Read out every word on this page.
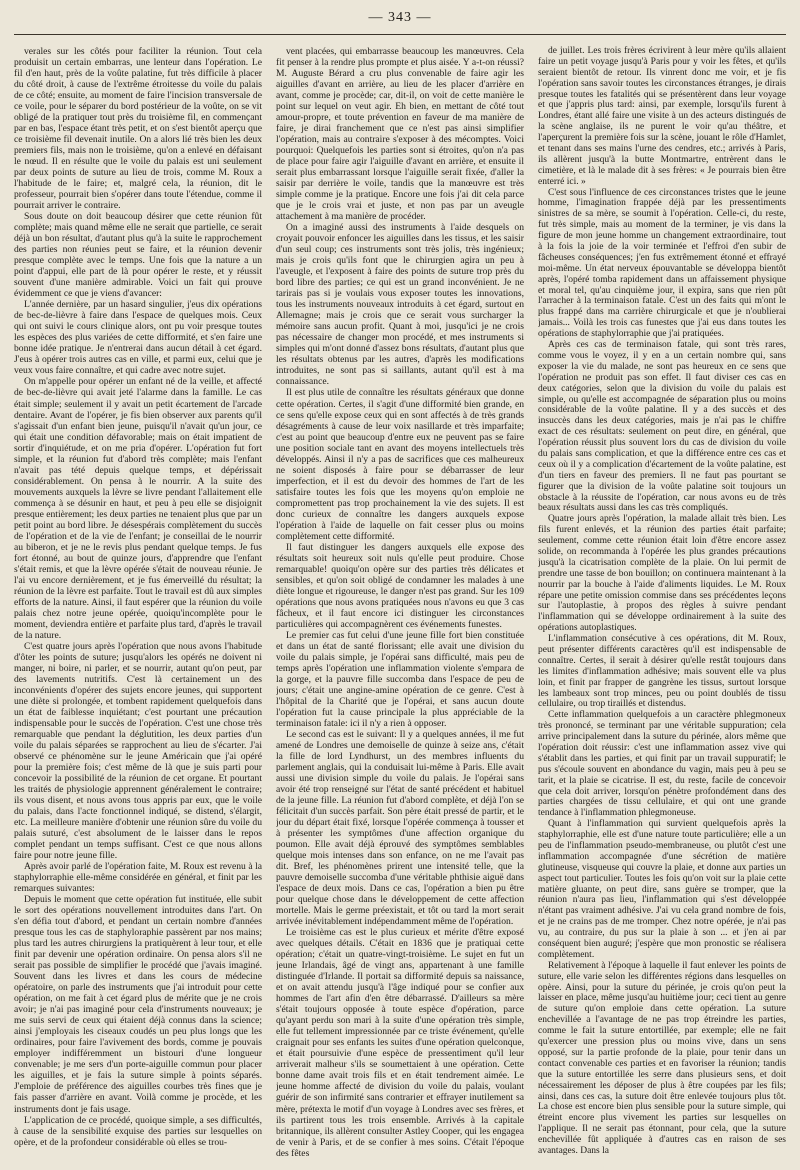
— 343 —

verales sur les côtés pour faciliter la réunion. Tout cela produisit un certain embarras, une lenteur dans l'opération. Le fil d'en haut, près de la voûte palatine, fut très difficile à placer du côté droit, à cause de l'extrême étroitesse du voile du palais de ce côté; ensuite, au moment de faire l'incision transversale de ce voile, pour le séparer du bord postérieur de la voûte, on se vit obligé de la pratiquer tout près du troisième fil, en commençant par en bas, l'espace étant très petit, et on s'est bientôt aperçu que ce troisième fil devenait inutile. On a alors lié très bien les deux premiers fils, mais non le troisième, qu'on a enlevé en défaisant le nœud. Il en résulte que le voile du palais est uni seulement par deux points de suture au lieu de trois, comme M. Roux a l'habitude de le faire; et, malgré cela, la réunion, dit le professeur, pourrait bien s'opérer dans toute l'étendue, comme il pourrait arriver le contraire.

Sous doute on doit beaucoup désirer que cette réunion fût complète; mais quand même elle ne serait que partielle, ce serait déjà un bon résultat, d'autant plus qu'à la suite le rapprochement des parties non réunies peut se faire, et la réunion devenir presque complète avec le temps. Une fois que la nature a un point d'appui, elle part de là pour opérer le reste, et y réussit souvent d'une manière admirable. Voici un fait qui prouve évidemment ce que je viens d'avancer:

L'année dernière, par un hasard singulier, j'eus dix opérations de bec-de-lièvre à faire dans l'espace de quelques mois. Ceux qui ont suivi le cours clinique alors, ont pu voir presque toutes les espèces des plus variées de cette difformité, et s'en faire une bonne idée pratique. Je n'entrerai dans aucun détail à cet égard. J'eus à opérer trois autres cas en ville, et parmi eux, celui que je veux vous faire connaître, et qui cadre avec notre sujet.

On m'appelle pour opérer un enfant né de la veille, et affecté de bec-de-lièvre qui avait jeté l'alarme dans la famille. Le cas était simple; seulement il y avait un petit écartement de l'arcade dentaire. Avant de l'opérer, je fis bien observer aux parents qu'il s'agissait d'un enfant bien jeune, puisqu'il n'avait qu'un jour, ce qui était une condition défavorable; mais on était impatient de sortir d'inquiétude, et on me pria d'opérer. L'opération fut fort simple, et la réunion fut d'abord très complète; mais l'enfant n'avait pas tété depuis quelque temps, et dépérissait considérablement. On pensa à le nourrir. A la suite des mouvements auxquels la lèvre se livre pendant l'allaitement elle commença à se désunir en haut, et peu à peu elle se disjoignit presque entièrement; les deux parties ne tenaient plus que par un petit point au bord libre. Je désespérais complètement du succès de l'opération et de la vie de l'enfant; je conseillai de le nourrir au biberon, et je ne le revis plus pendant quelque temps. Je fus fort étonné, au bout de quinze jours, d'apprendre que l'enfant s'était remis, et que la lèvre opérée s'était de nouveau réunie. Je l'ai vu encore dernièrement, et je fus émerveillé du résultat; la réunion de la lèvre est parfaite. Tout le travail est dû aux simples efforts de la nature. Ainsi, il faut espérer que la réunion du voile palais chez notre jeune opérée, quoiqu'incomplète pour le moment, deviendra entière et parfaite plus tard, d'après le travail de la nature.

C'est quatre jours après l'opération que nous avons l'habitude d'ôter les points de suture; jusqu'alors les opérés ne doivent ni manger, ni boire, ni parler, et se nourrir, autant qu'on peut, par des lavements nutritifs. C'est là certainement un des inconvénients d'opérer des sujets encore jeunes, qui supportent une diète si prolongée, et tombent rapidement quelquefois dans un état de faiblesse inquiétant; c'est pourtant une précaution indispensable pour le succès de l'opération. C'est une chose très remarquable que pendant la déglutition, les deux parties d'un voile du palais séparées se rapprochent au lieu de s'écarter. J'ai observé ce phénomène sur le jeune Américain que j'ai opéré pour la première fois; c'est même de là que je suis parti pour concevoir la possibilité de la réunion de cet organe. Et pourtant les traités de physiologie apprennent généralement le contraire; ils vous disent, et nous avons tous appris par eux, que le voile du palais, dans l'acte fonctionnel indiqué, se distend, s'élargit, etc. La meilleure manière d'obtenir une réunion sûre du voile du palais suturé, c'est absolument de le laisser dans le repos complet pendant un temps suffisant. C'est ce que nous allons faire pour notre jeune fille.

Après avoir parlé de l'opération faite, M. Roux est revenu à la staphylorraphie elle-même considérée en général, et finit par les remarques suivantes:

Depuis le moment que cette opération fut instituée, elle subit le sort des opérations nouvellement introduites dans l'art. On s'en défia tout d'abord, et pendant un certain nombre d'années presque tous les cas de staphyloraphie passèrent par nos mains; plus tard les autres chirurgiens la pratiquèrent à leur tour, et elle finit par devenir une opération ordinaire. On pensa alors s'il ne serait pas possible de simplifier le procédé que j'avais imaginé. Souvent dans les livres et dans les cours de médecine opératoire, on parle des instruments que j'ai introduit pour cette opération, on me fait à cet égard plus de mérite que je ne crois avoir; je n'ai pas imaginé pour cela d'instruments nouveaux; je me suis servi de ceux qui étaient déjà connus dans la science; ainsi j'employais les ciseaux coudés un peu plus longs que les ordinaires, pour faire l'avivement des bords, comme je pouvais employer indifféremment un bistouri d'une longueur convenable; je me sers d'un porte-aiguille commun pour placer les aiguilles, et je fais la suture simple à points séparés. J'emploie de préférence des aiguilles courbes très fines que je fais passer d'arrière en avant. Voilà comme je procède, et les instruments dont je fais usage.

L'application de ce procédé, quoique simple, a ses difficultés, à cause de la sensibilité exquise des parties sur lesquelles on opère, et de la profondeur considérable où elles se trou-

vent placées, qui embarrasse beaucoup les manœuvres. Cela fit penser à la rendre plus prompte et plus aisée. Y a-t-on réussi? M. Auguste Bérard a cru plus convenable de faire agir les aiguilles d'avant en arrière, au lieu de les placer d'arrière en avant, comme je procède; car, dit-il, on voit de cette manière le point sur lequel on veut agir. Eh bien, en mettant de côté tout amour-propre, et toute prévention en faveur de ma manière de faire, je dirai franchement que ce n'est pas ainsi simplifier l'opération, mais au contraire s'exposer à des mécomptes. Voici pourquoi: Quelquefois les parties sont si étroites, qu'on n'a pas de place pour faire agir l'aiguille d'avant en arrière, et ensuite il serait plus embarrassant lorsque l'aiguille serait fixée, d'aller la saisir par derrière le voile, tandis que la manœuvre est très simple comme je la pratique. Encore une fois j'ai dit cela parce que je le crois vrai et juste, et non pas par un aveugle attachement à ma manière de procéder.

On a imaginé aussi des instruments à l'aide desquels on croyait pouvoir enfoncer les aiguilles dans les tissus, et les saisir d'un seul coup; ces instruments sont très jolis, très ingénieux; mais je crois qu'ils font que le chirurgien agira un peu à l'aveugle, et l'exposent à faire des points de suture trop près du bord libre des parties; ce qui est un grand inconvénient. Je ne tarirais pas si je voulais vous exposer toutes les innovations, tous les instruments nouveaux introduits à cet égard, surtout en Allemagne; mais je crois que ce serait vous surcharger la mémoire sans aucun profit. Quant à moi, jusqu'ici je ne crois pas nécessaire de changer mon procédé, et mes instruments si simples qui m'ont donné d'assez bons résultats, d'autant plus que les résultats obtenus par les autres, d'après les modifications introduites, ne sont pas si saillants, autant qu'il est à ma connaissance.

Il est plus utile de connaître les résultats généraux que donne cette opération. Certes, il s'agit d'une difformité bien grande, en ce sens qu'elle expose ceux qui en sont affectés à de très grands désagréments à cause de leur voix nasillarde et très imparfaite; c'est au point que beaucoup d'entre eux ne peuvent pas se faire une position sociale tant en avant des moyens intellectuels très développés. Ainsi il n'y a pas de sacrifices que ces malheureux ne soient disposés à faire pour se débarrasser de leur imperfection, et il est du devoir des hommes de l'art de les satisfaire toutes les fois que les moyens qu'on emploie ne compromettent pas trop prochainement la vie des sujets. Il est donc curieux de connaître les dangers auxquels expose l'opération à l'aide de laquelle on fait cesser plus ou moins complètement cette difformité.

Il faut distinguer les dangers auxquels elle expose des résultats soit heureux soit nuls qu'elle peut produire. Chose remarquable! quoiqu'on opère sur des parties très délicates et sensibles, et qu'on soit obligé de condamner les malades à une diète longue et rigoureuse, le danger n'est pas grand. Sur les 109 opérations que nous avons pratiquées nous n'avons eu que 3 cas fâcheux, et il faut encore ici distinguer les circonstances particulières qui accompagnèrent ces événements funestes.

Le premier cas fut celui d'une jeune fille fort bien constituée et dans un état de santé florissant; elle avait une division du voile du palais simple, je l'opérai sans difficulté, mais peu de temps après l'opération une inflammation violente s'empara de la gorge, et la pauvre fille succomba dans l'espace de peu de jours; c'était une angine-amine opération de ce genre. C'est à l'hôpital de la Charité que je l'opérai, et sans aucun doute l'opération fut la cause principale la plus appréciable de la terminaison fatale: ici il n'y a rien à opposer.

Le second cas est le suivant: Il y a quelques années, il me fut amené de Londres une demoiselle de quinze à seize ans, c'était la fille de lord Lyndhurst, un des membres influents du parlement anglais, qui la conduisait lui-même à Paris. Elle avait aussi une division simple du voile du palais. Je l'opérai sans avoir été trop renseigné sur l'état de santé précédent et habituel de la jeune fille. La réunion fut d'abord complète, et déjà l'on se félicitait d'un succès parfait. Son père était pressé de partir, et le jour du départ était fixé, lorsque l'opérée commença à tousser et à présenter les symptômes d'une affection organique du poumon. Elle avait déjà éprouvé des symptômes semblables quelque mois intenses dans son enfance, on ne me l'avait pas dit. Bref, les phénomènes prirent une intensité telle, que la pauvre demoiselle succomba d'une véritable phthisie aiguë dans l'espace de deux mois. Dans ce cas, l'opération a bien pu être pour quelque chose dans le développement de cette affection mortelle. Mais le germe préexistait, et tôt ou tard la mort serait arrivée inévitablement indépendamment même de l'opération.

Le troisième cas est le plus curieux et mérite d'être exposé avec quelques détails. C'était en 1836 que je pratiquai cette opération; c'était un quatre-vingt-troisième. Le sujet en fut un jeune Irlandais, âgé de vingt ans, appartenant à une famille distinguée d'Irlande. Il portait sa difformité depuis sa naissance, et on avait attendu jusqu'à l'âge indiqué pour se confier aux hommes de l'art afin d'en être débarrassé. D'ailleurs sa mère s'était toujours opposée à toute espèce d'opération, parce qu'ayant perdu son mari à la suite d'une opération très simple, elle fut tellement impressionnée par ce triste événement, qu'elle craignait pour ses enfants les suites d'une opération quelconque, et était poursuivie d'une espèce de pressentiment qu'il leur arriverait malheur s'ils se soumettaient à une opération. Cette bonne dame avait trois fils et en était tendrement aimée. Le jeune homme affecté de division du voile du palais, voulant guérir de son infirmité sans contrarier et effrayer inutilement sa mère, prétexta le motif d'un voyage à Londres avec ses frères, et ils partirent tous les trois ensemble. Arrivés à la capitale britannique, ils allèrent consulter Astley Cooper, qui les engagea de venir à Paris, et de se confier à mes soins. C'était l'époque des fêtes

de juillet. Les trois frères écrivirent à leur mère qu'ils allaient faire un petit voyage jusqu'à Paris pour y voir les fêtes, et qu'ils seraient bientôt de retour. Ils vinrent donc me voir, et je fis l'opération sans savoir toutes les circonstances étranges, je dirais presque toutes les fatalités qui se présentèrent dans leur voyage et que j'appris plus tard: ainsi, par exemple, lorsqu'ils furent à Londres, étant allé faire une visite à un des acteurs distingués de la scène anglaise, ils ne purent le voir qu'au théâtre, et l'aperçurent la première fois sur la scène, jouant le rôle d'Hamlet, et tenant dans ses mains l'urne des cendres, etc.; arrivés à Paris, ils allèrent jusqu'à la butte Montmartre, entrèrent dans le cimetière, et là le malade dit à ses frères: « Je pourrais bien être enterré ici. »

C'est sous l'influence de ces circonstances tristes que le jeune homme, l'imagination frappée déjà par les pressentiments sinistres de sa mère, se soumit à l'opération. Celle-ci, du reste, fut très simple, mais au moment de la terminer, je vis dans la figure de mon jeune homme un changement extraordinaire, tout à la fois la joie de la voir terminée et l'effroi d'en subir de fâcheuses conséquences; j'en fus extrêmement étonné et effrayé moi-même. Un état nerveux épouvantable se développa bientôt après, l'opéré tomba rapidement dans un affaissement physique et moral tel, qu'au cinquième jour, il expira, sans que rien pût l'arracher à la terminaison fatale. C'est un des faits qui m'ont le plus frappé dans ma carrière chirurgicale et que je n'oublierai jamais... Voilà les trois cas funestes que j'ai eus dans toutes les opérations de staphylorraphie que j'ai pratiquées.

Après ces cas de terminaison fatale, qui sont très rares, comme vous le voyez, il y en a un certain nombre qui, sans exposer la vie du malade, ne sont pas heureux en ce sens que l'opération ne produit pas son effet. Il faut diviser ces cas en deux catégories, selon que la division du voile du palais est simple, ou qu'elle est accompagnée de séparation plus ou moins considérable de la voûte palatine. Il y a des succès et des insuccès dans les deux catégories, mais je n'ai pas le chiffre exact de ces résultats: seulement on peut dire, en général, que l'opération réussit plus souvent lors du cas de division du voile du palais sans complication, et que la différence entre ces cas et ceux où il y a complication d'écartement de la voûte palatine, est d'un tiers en faveur des premiers. Il ne faut pas pourtant se figurer que la division de la voûte palatine soit toujours un obstacle à la réussite de l'opération, car nous avons eu de très beaux résultats aussi dans les cas très compliqués.

Quatre jours après l'opération, la malade allait très bien. Les fils furent enlevés, et la réunion des parties était parfaite; seulement, comme cette réunion était loin d'être encore assez solide, on recommanda à l'opérée les plus grandes précautions jusqu'à la cicatrisation complète de la plaie. On lui permit de prendre une tasse de bon bouillon; on continuera maintenant à la nourrir par la bouche à l'aide d'aliments liquides. Le M. Roux répare une petite omission commise dans ses précédentes leçons sur l'autoplastie, à propos des règles à suivre pendant l'inflammation qui se développe ordinairement à la suite des opérations autoplastiques.

L'inflammation consécutive à ces opérations, dit M. Roux, peut présenter différents caractères qu'il est indispensable de connaître. Certes, il serait à désirer qu'elle restât toujours dans les limites d'inflammation adhésive; mais souvent elle va plus loin, et finit par frapper de gangrène les tissus, surtout lorsque les lambeaux sont trop minces, peu ou point doublés de tissu cellulaire, ou trop tiraillés et distendus.

Cette inflammation quelquefois a un caractère phlegmoneux très prononcé, se terminant par une véritable suppuration; cela arrive principalement dans la suture du périnée, alors même que l'opération doit réussir: c'est une inflammation assez vive qui s'établit dans les parties, et qui finit par un travail suppuratif; le pus s'écoule souvent en abondance du vagin, mais peu à peu se tarit, et la plaie se cicatrise. Il est, du reste, facile de concevoir que cela doit arriver, lorsqu'on pénètre profondément dans des parties chargées de tissu cellulaire, et qui ont une grande tendance à l'inflammation phlegmoneuse.

Quant à l'inflammation qui survient quelquefois après la staphylorraphie, elle est d'une nature toute particulière; elle a un peu de l'inflammation pseudo-membraneuse, ou plutôt c'est une inflammation accompagnée d'une sécrétion de matière glutineuse, visqueuse qui couvre la plaie, et donne aux parties un aspect tout particulier. Toutes les fois qu'on voit sur la plaie cette matière gluante, on peut dire, sans guère se tromper, que la réunion n'aura pas lieu, l'inflammation qui s'est développée n'étant pas vraiment adhésive. J'ai vu cela grand nombre de fois, et je ne crains pas de me tromper. Chez notre opérée, je n'ai pas vu, au contraire, du pus sur la plaie à son ... et j'en ai par conséquent bien auguré; j'espère que mon pronostic se réalisera complètement.

Relativement à l'époque à laquelle il faut enlever les points de suture, elle varie selon les différentes régions dans lesquelles on opère. Ainsi, pour la suture du périnée, je crois qu'on peut la laisser en place, même jusqu'au huitième jour; ceci tient au genre de suture qu'on emploie dans cette opération. La suture enchevillée a l'avantage de ne pas trop étreindre les parties, comme le fait la suture entortillée, par exemple; elle ne fait qu'exercer une pression plus ou moins vive, dans un sens opposé, sur la partie profonde de la plaie, pour tenir dans un contact convenable ces parties et en favoriser la réunion; tandis que la suture entortillée les serre dans plusieurs sens, et doit nécessairement les déposer de plus à être coupées par les fils; ainsi, dans ces cas, la suture doit être enlevée toujours plus tôt. La chose est encore bien plus sensible pour la suture simple, qui étreint encore plus vivement les parties sur lesquelles on l'applique. Il ne serait pas étonnant, pour cela, que la suture enchevillée fût appliquée à d'autres cas en raison de ses avantages. Dans la
